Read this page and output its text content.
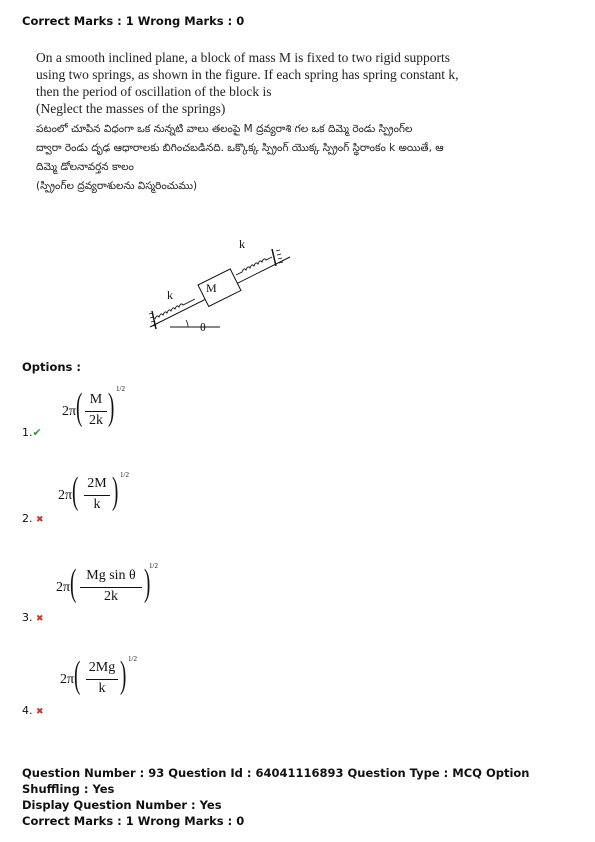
Correct Marks : 1 Wrong Marks : 0
On a smooth inclined plane, a block of mass M is fixed to two rigid supports
using two springs, as shown in the figure. If each spring has spring constant k,
then the period of oscillation of the block is
(Neglect the masses of the springs)
పటంలో చూపిన విధంగా ఒక నున్నటి వాలు తలంపై M ద్రవ్యరాశి గల ఒక దిమ్మె రెండు స్ప్రింగ్‌ల
ద్వారా రెండు దృఢ ఆధారాలకు బిగించబడినది. ఒక్కొక్క స్ప్రింగ్ యొక్క స్ప్రింగ్ స్థిరాంకం k అయితే, ఆ
దిమ్మె డోలనావర్తన కాలం
(స్ప్రింగ్‌ల ద్రవ్యరాశులను విస్మరించుము)
k
k	M
θ
Options :
2π ( M
2k ) 1/2
1.✔
2π ( 2M
k ) 1/2
2. ✖
2π ( Mg sin θ
2k )
1/2
3. ✖
2π ( 2Mg
k ) 1/2
4. ✖
Question Number : 93 Question Id : 64041116893 Question Type : MCQ Option Shuffling : Yes
Display Question Number : Yes
Correct Marks : 1 Wrong Marks : 0
